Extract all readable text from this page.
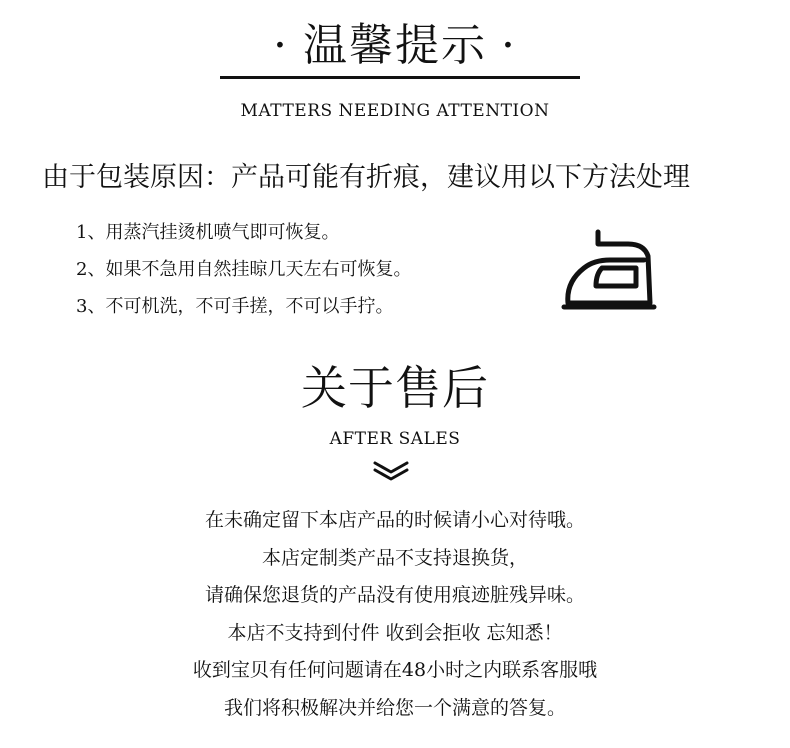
· 温馨提示 ·
MATTERS NEEDING ATTENTION
由于包装原因：产品可能有折痕，建议用以下方法处理
1、用蒸汽挂烫机喷气即可恢复。
2、如果不急用自然挂晾几天左右可恢复。
3、不可机洗，不可手搓，不可以手拧。
关于售后
AFTER SALES
在未确定留下本店产品的时候请小心对待哦。
本店定制类产品不支持退换货，
请确保您退货的产品没有使用痕迹脏残异味。
本店不支持到付件 收到会拒收 忘知悉！
收到宝贝有任何问题请在48小时之内联系客服哦
我们将积极解决并给您一个满意的答复。
